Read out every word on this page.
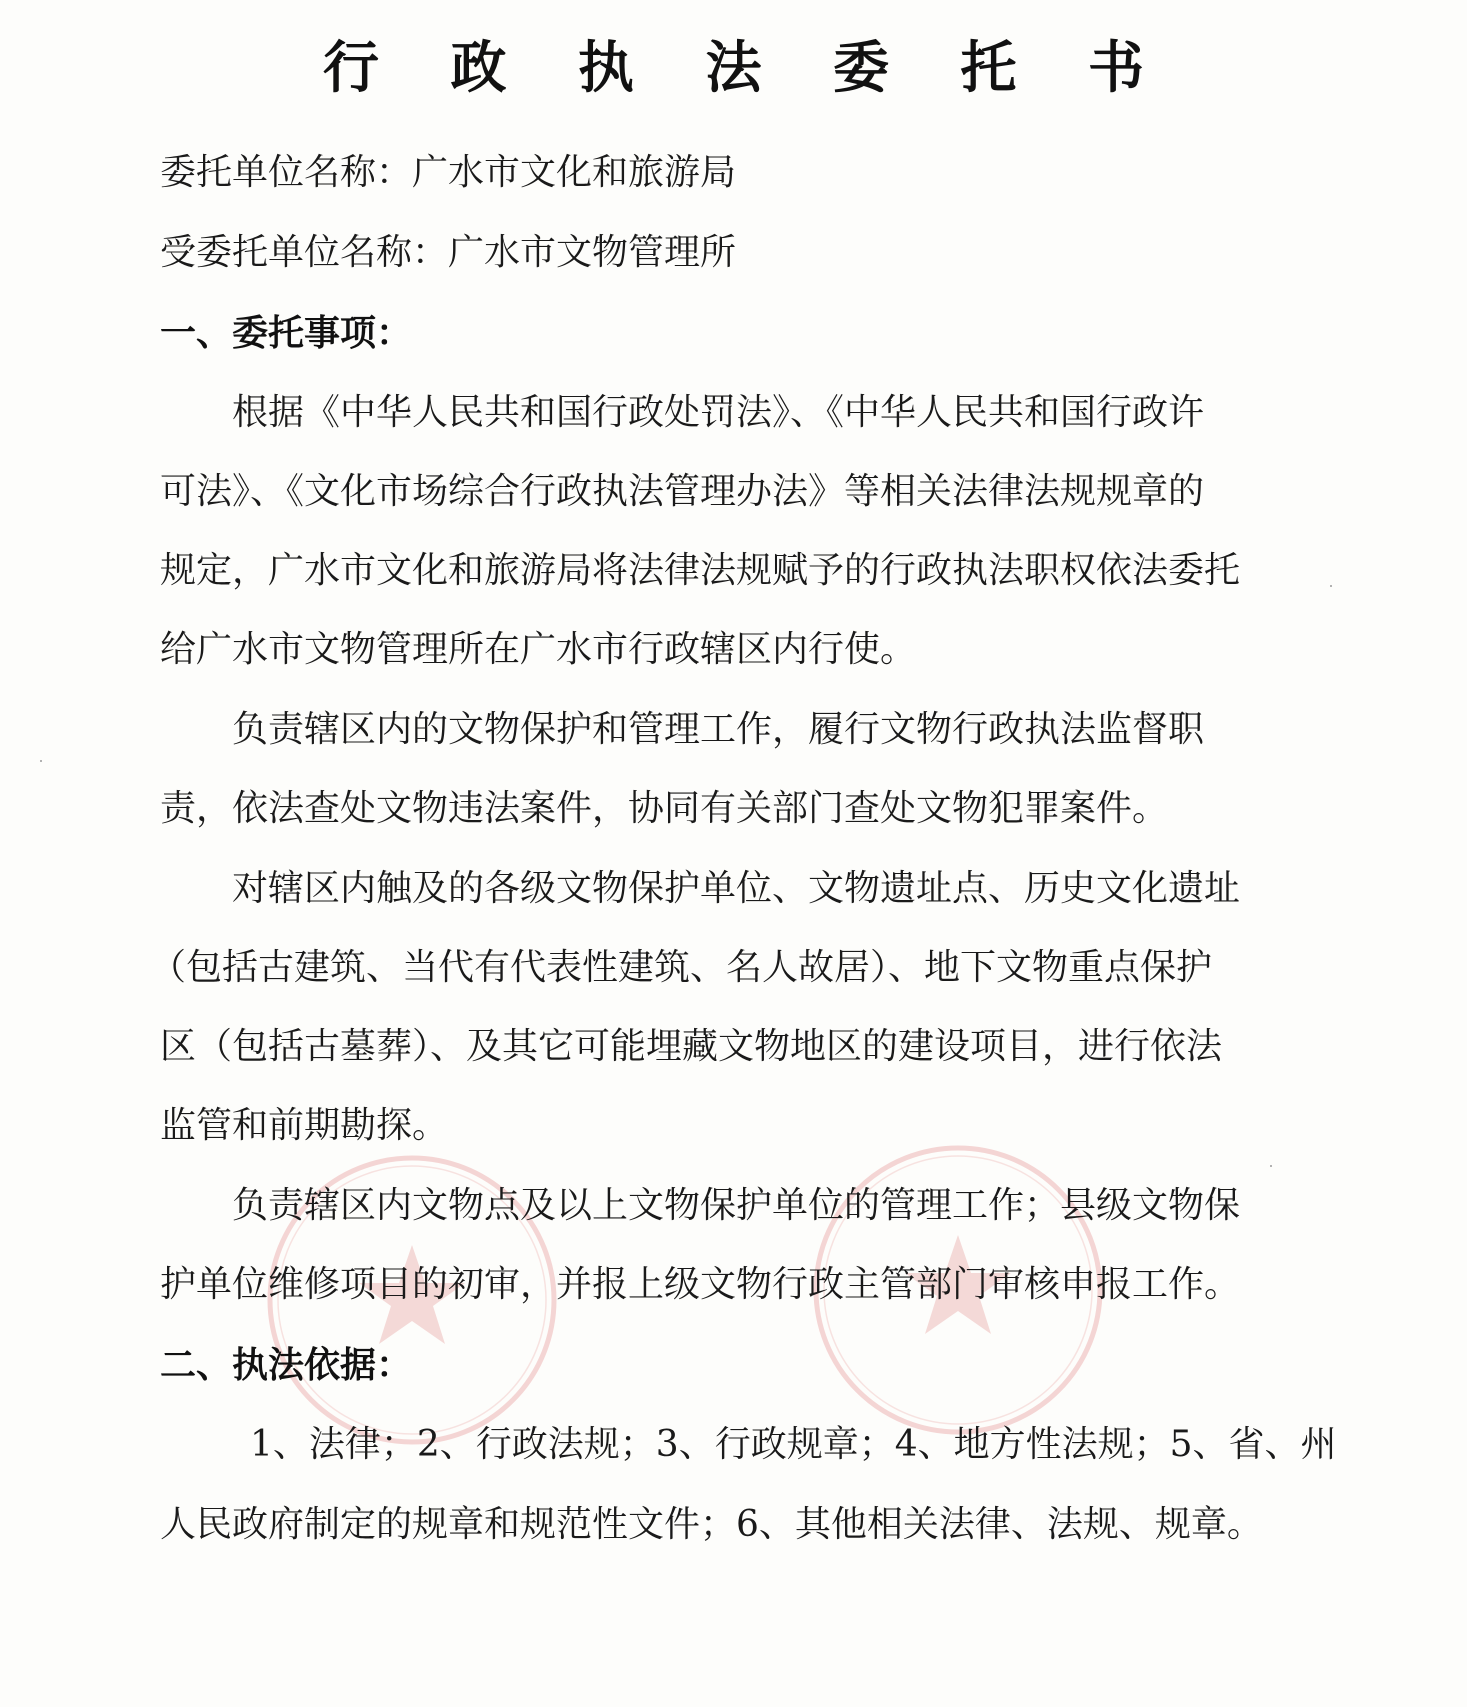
行 政 执 法 委 托 书
委托单位名称：广水市文化和旅游局
受委托单位名称：广水市文物管理所
一、委托事项：
根据《中华人民共和国行政处罚法》、《中华人民共和国行政许
可法》、《文化市场综合行政执法管理办法》等相关法律法规规章的
规定，广水市文化和旅游局将法律法规赋予的行政执法职权依法委托
给广水市文物管理所在广水市行政辖区内行使。
负责辖区内的文物保护和管理工作，履行文物行政执法监督职
责，依法查处文物违法案件，协同有关部门查处文物犯罪案件。
对辖区内触及的各级文物保护单位、文物遗址点、历史文化遗址
（包括古建筑、当代有代表性建筑、名人故居）、地下文物重点保护
区（包括古墓葬）、及其它可能埋藏文物地区的建设项目，进行依法
监管和前期勘探。
负责辖区内文物点及以上文物保护单位的管理工作；县级文物保
护单位维修项目的初审，并报上级文物行政主管部门审核申报工作。
二、执法依据：
1、法律；2、行政法规；3、行政规章；4、地方性法规；5、省、州
人民政府制定的规章和规范性文件；6、其他相关法律、法规、规章。
